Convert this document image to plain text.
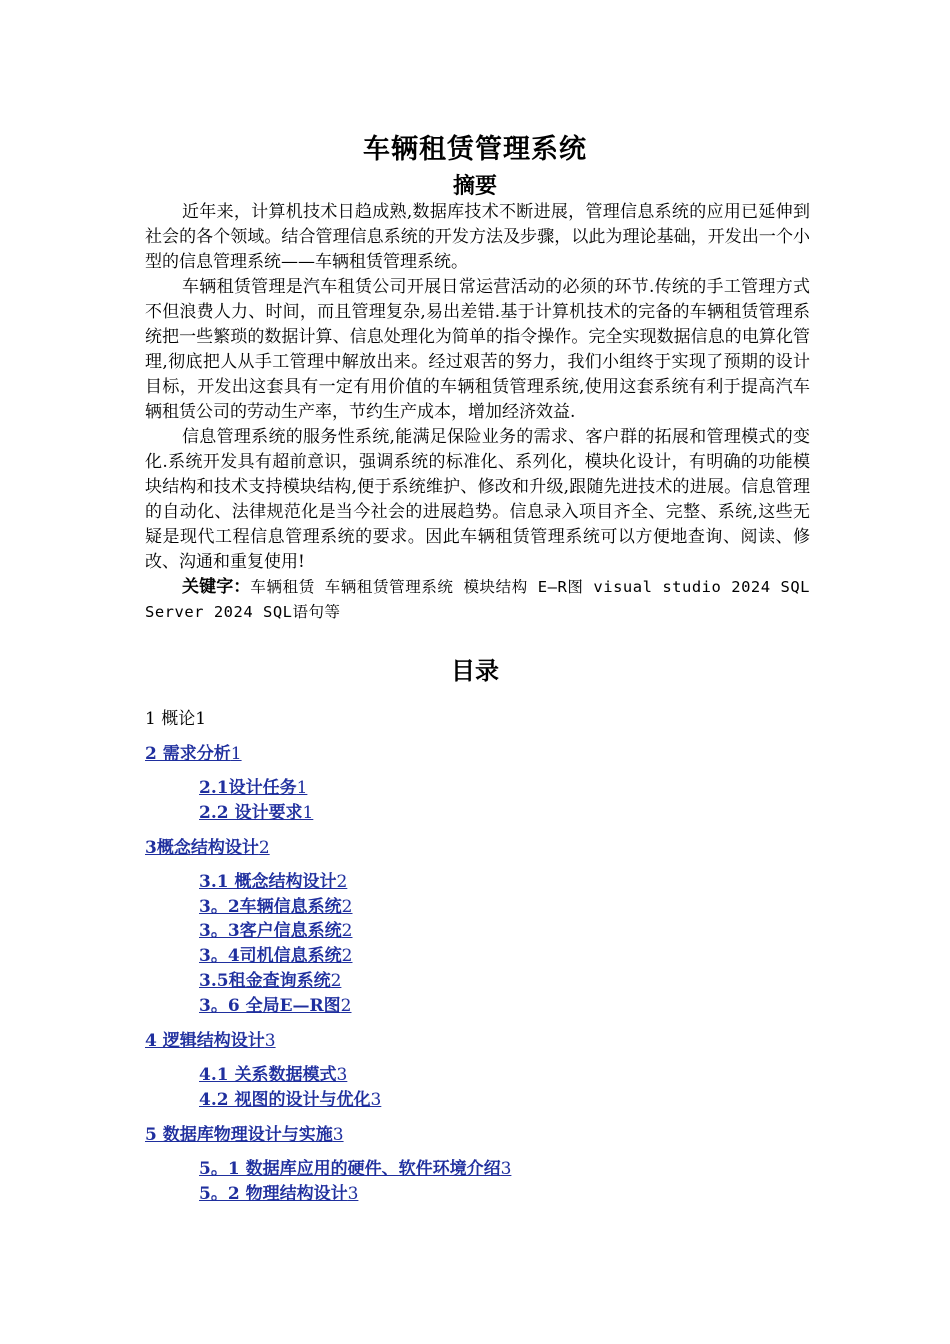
车辆租赁管理系统
摘要

近年来，计算机技术日趋成熟,数据库技术不断进展，管理信息系统的应用已延伸到社会的各个领域。结合管理信息系统的开发方法及步骤，以此为理论基础，开发出一个小型的信息管理系统——车辆租赁管理系统。

车辆租赁管理是汽车租赁公司开展日常运营活动的必须的环节.传统的手工管理方式 不但浪费人力、时间，而且管理复杂,易出差错.基于计算机技术的完备的车辆租赁管理系统把一些繁琐的数据计算、信息处理化为简单的指令操作。完全实现数据信息的电算化管理,彻底把人从手工管理中解放出来。经过艰苦的努力，我们小组终于实现了预期的设计目标，开发出这套具有一定有用价值的车辆租赁管理系统,使用这套系统有利于提高汽车辆租赁公司的劳动生产率，节约生产成本，增加经济效益.

信息管理系统的服务性系统,能满足保险业务的需求、客户群的拓展和管理模式的变 化.系统开发具有超前意识，强调系统的标准化、系列化，模块化设计，有明确的功能模块结构和技术支持模块结构,便于系统维护、修改和升级,跟随先进技术的进展。信息管理的自动化、法律规范化是当今社会的进展趋势。信息录入项目齐全、完整、系统,这些无疑是现代工程信息管理系统的要求。因此车辆租赁管理系统可以方便地查询、阅读、修改、沟通和重复使用!

关键字：车辆租赁 车辆租赁管理系统 模块结构 E—R图 visual studio 2024 SQL Server 2024 SQL语句等

目录
1 概论1
2 需求分析1
2.1设计任务1
2.2 设计要求1
3概念结构设计2
3.1 概念结构设计2
3。2车辆信息系统2
3。3客户信息系统2
3。4司机信息系统2
3.5租金查询系统2
3。6 全局E—R图2
4 逻辑结构设计3
4.1 关系数据模式3
4.2 视图的设计与优化3
5 数据库物理设计与实施3
5。1 数据库应用的硬件、软件环境介绍3
5。2 物理结构设计3
